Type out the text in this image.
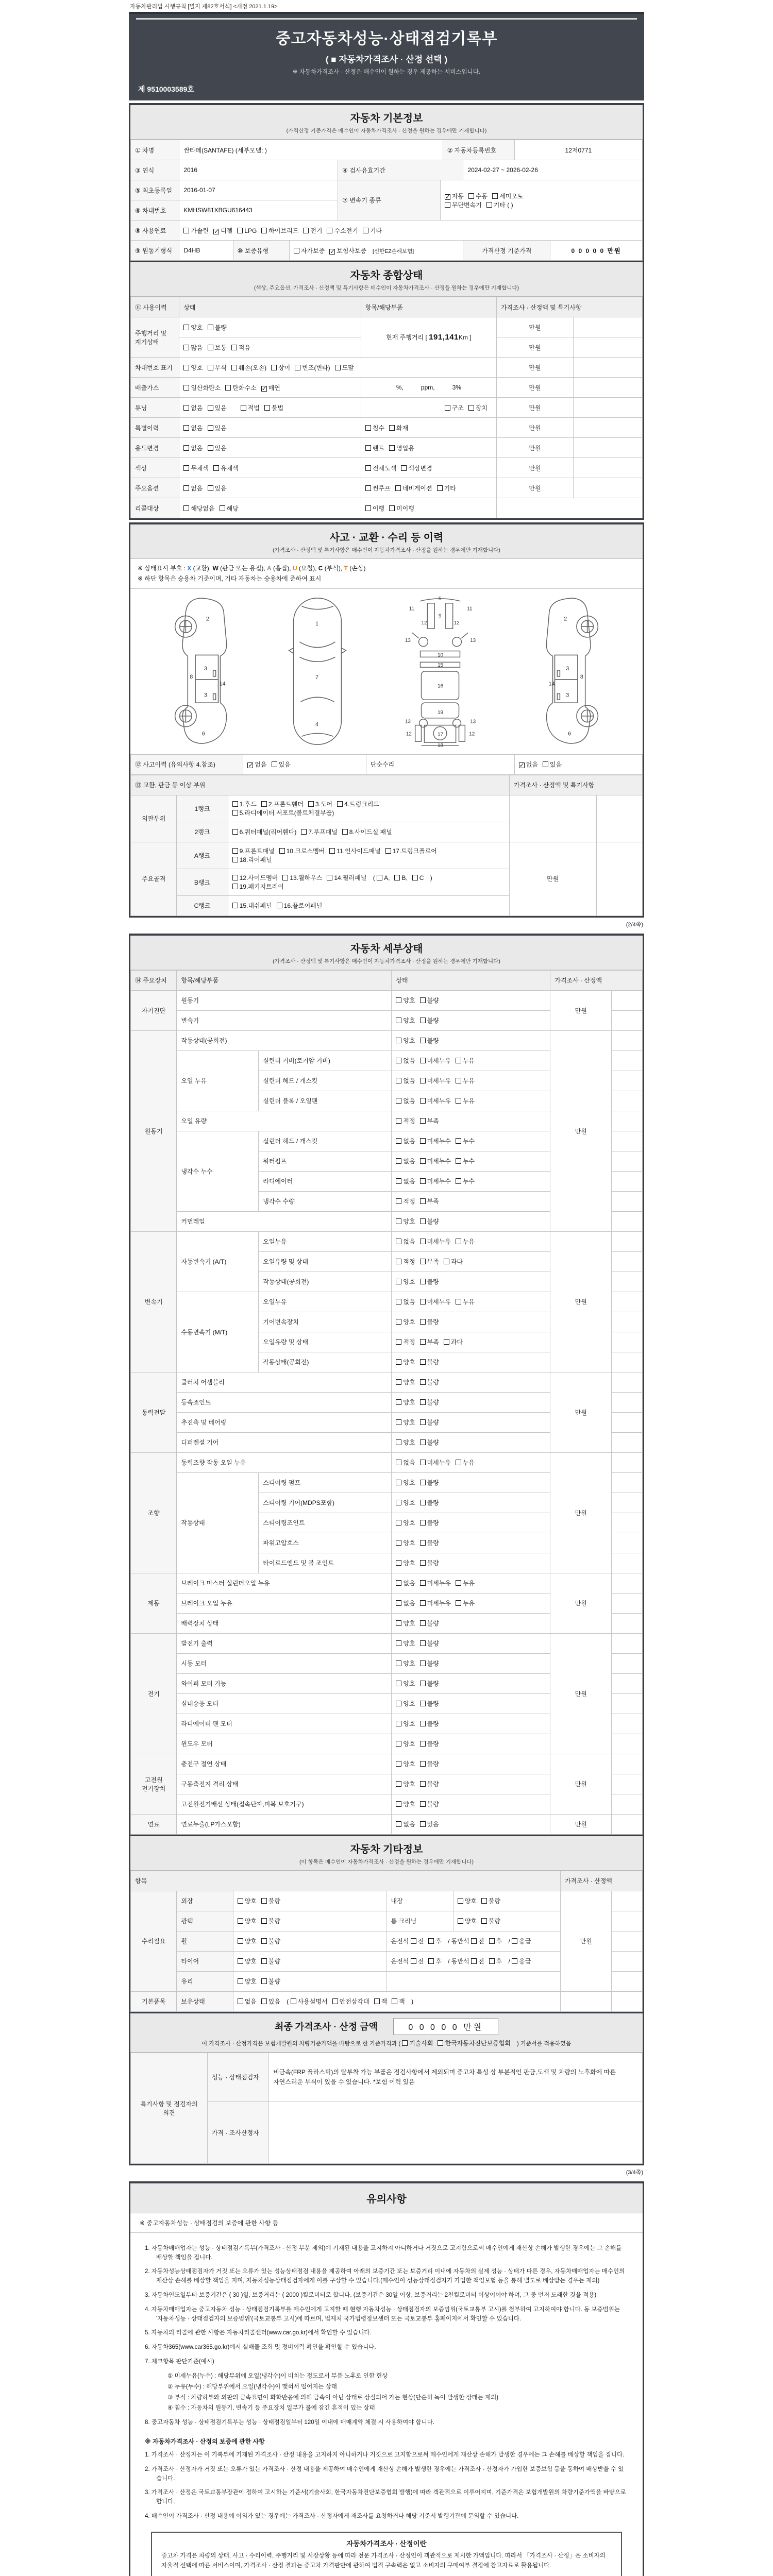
자동차관리법 시행규칙 [별지 제82호서식] <개정 2021.1.19>
중고자동차성능·상태점검기록부
( ■ 자동차가격조사 · 산정 선택 )
※ 자동차가격조사 · 산정은 매수인이 원하는 경우 제공하는 서비스입니다.
제 9510003589호
자동차 기본정보
(가격산정 기준가격은 매수인이 자동차가격조사 · 산정을 원하는 경우에만 기재합니다)
① 차명	싼타페(SANTAFE) (세부모델: )	② 자동차등록번호	12저0771
③ 연식	2016	④ 검사유효기간	2024-02-27 ~ 2026-02-26
⑤ 최초등록일	2016-01-07	⑦ 변속기 종류	✓ 자동 수동 세미오토
무단변속기 기타 ( )
⑥ 차대번호	KMHSW81XBGU616443		
⑧ 사용연료	가솔린 ✓ 디젤 LPG 하이브리드 전기 수소전기 기타
⑨ 원동기형식	D4HB	⑩ 보증유형	자가보증 ✓ 보험사보증 [신한EZ손해보험]	가격산정 기준가격	0 0 0 0 0 만원
자동차 종합상태
(색상, 주요옵션, 가격조사 · 산정액 및 특기사항은 매수인이 자동차가격조사 · 산정을 원하는 경우에만 기재합니다)
⑪ 사용이력	상태	항목/해당부품	가격조사 · 산정액 및 특기사항	
주행거리 및 계기상태	양호 불량	현재 주행거리 [ 191,141Km ]	만원	
	많음 보통 적음		만원	
차대번호 표기	양호 부식 훼손(오손) 상이 변조(변타) 도말		만원	
배출가스	일산화탄소 탄화수소 ✓ 매연	%, ppm, 3%	만원	
튜닝	없음 있음 적법 불법	구조 장치	만원	
특별이력	없음 있음	침수 화재	만원	
용도변경	없음 있음	렌트 영업용	만원	
색상	무채색 유채색	전체도색 색상변경	만원	
주요옵션	없음 있음	썬루프 네비게이션 기타	만원	
리콜대상	해당없음 해당	이행 미이행		
사고 · 교환 · 수리 등 이력
(가격조사 · 산정액 및 특기사항은 매수인이 자동차가격조사 · 산정을 원하는 경우에만 기재합니다)
※ 상태표시 부호 : X (교환), W (판금 또는 용접), A (흠집), U (요철), C (부식), T (손상)
※ 하단 항목은 승용차 기준이며, 기타 자동차는 승용차에 준하여 표시
2
8
3
14
3
6
1
7
4
5
9
11	11
13	13
12	12
10
15
16
19
13	13
17
12	12
18
2
8
3
14
3
6
⑫ 사고이력 (유의사항 4.참조)	✓ 없음 있음	단순수리	✓ 없음 있음
⑬ 교환, 판금 등 이상 부위			가격조사 · 산정액 및 특기사항	
외판부위	1랭크	1.후드 2.프론트휀더 3.도어 4.트렁크리드
5.라디에이터 서포트(볼트체결부품)		
	2랭크	6.쿼터패널(리어휀다) 7.루프패널 8.사이드실 패널		
주요골격	A랭크	9.프론트패널 10.크로스멤버 11.인사이드패널 17.트렁크플로어
18.리어패널	만원	
	B랭크	12.사이드멤버 13.휠하우스 14.필러패널 ( A, B, C )
19.패키지트레이		
	C랭크	15.대쉬패널 16.플로어패널		
(2/4쪽)
자동차 세부상태
(가격조사 · 산정액 및 특기사항은 매수인이 자동차가격조사 · 산정을 원하는 경우에만 기재합니다)
⑭ 주요장치	항목/해당부품		상태	가격조사 · 산정액	
자기진단	원동기		양호 불량	만원	
	변속기		양호 불량		
원동기	작동상태(공회전)		양호 불량	만원	
	오일 누유	실린더 커버(로커암 커버)	없음 미세누유 누유		
		실린더 헤드 / 개스킷	없음 미세누유 누유		
		실린더 블록 / 오일팬	없음 미세누유 누유		
	오일 유량		적정 부족		
	냉각수 누수	실린더 헤드 / 개스킷	없음 미세누수 누수		
		워터펌프	없음 미세누수 누수		
		라디에이터	없음 미세누수 누수		
		냉각수 수량	적정 부족		
	커먼레일		양호 불량		
변속기	자동변속기 (A/T)	오일누유	없음 미세누유 누유	만원	
		오일유량 및 상태	적정 부족 과다		
		작동상태(공회전)	양호 불량		
	수동변속기 (M/T)	오일누유	없음 미세누유 누유		
		기어변속장치	양호 불량		
		오일유량 및 상태	적정 부족 과다		
		작동상태(공회전)	양호 불량		
동력전달	클러치 어셈블리		양호 불량	만원	
	등속죠인트		양호 불량		
	추진축 및 베어링		양호 불량		
	디퍼렌셜 기어		양호 불량		
조향	동력조향 작동 오일 누유		없음 미세누유 누유	만원	
	작동상태	스티어링 펌프	양호 불량		
		스티어링 기어(MDPS포함)	양호 불량		
		스티어링조인트	양호 불량		
		파워고압호스	양호 불량		
		타이로드엔드 및 볼 조인트	양호 불량		
제동	브레이크 마스터 실린더오일 누유		없음 미세누유 누유	만원	
	브레이크 오일 누유		없음 미세누유 누유		
	배력장치 상태		양호 불량		
전기	발전기 출력		양호 불량	만원	
	시동 모터		양호 불량		
	와이퍼 모터 기능		양호 불량		
	실내송풍 모터		양호 불량		
	라디에이터 팬 모터		양호 불량		
	윈도우 모터		양호 불량		
고전원 전기장치	충전구 절연 상태		양호 불량	만원	
	구동축전지 격리 상태		양호 불량		
	고전원전기배선 상태(접속단자,피복,보호기구)		양호 불량		
연료	연료누출(LP가스포함)		없음 있음	만원	
자동차 기타정보
(이 항목은 매수인이 자동차가격조사 · 산정을 원하는 경우에만 기재합니다)
항목					가격조사 · 산정액	
수리필요	외장	양호 불량	내장	양호 불량	만원	
	광택	양호 불량	룸 크리닝	양호 불량		
	휠	양호 불량	운전석 전 후 / 동반석 전 후 / 응급			
	타이어	양호 불량	운전석 전 후 / 동반석 전 후 / 응급			
	유리	양호 불량				
기본품목	보유상태	없음 있음 ( 사용설명서 안전삼각대 잭 잭 )				
최종 가격조사 · 산정 금액	0 0 0 0 0 만원
이 가격조사 · 산정가격은 보험개발원의 차량기준가액을 바탕으로 한 기준가격과 ( 기술사회 한국자동차진단보증협회 ) 기준서를 적용하였음
특기사항 및 점검자의 의견	성능 · 상태점검자	비금속(FRP 플라스틱)의 탈부착 가능 부품은 점검사항에서 제외되며 중고차 특성 상 부분적인 판금,도색 및 차량의 노후화에 따른 자연스러운 부식이 있을 수 있습니다. *보험 이력 있음
	가격 · 조사산정자	
(3/4쪽)
유의사항
※ 중고자동차성능 · 상태점검의 보증에 관한 사항 등
1. 자동차매매업자는 성능 · 상태점검기록부(가격조사 · 산정 부분 제외)에 기재된 내용을 고지하지 아니하거나 거짓으로 고지함으로써 매수인에게 재산상 손해가 발생한 경우에는 그 손해를 배상할 책임을 집니다.
2. 자동차성능상태점검자가 거짓 또는 오류가 있는 성능상태점검 내용을 제공하여 아래의 보증기간 또는 보증거리 이내에 자동차의 실제 성능 · 상태가 다른 경우, 자동차매매업자는 매수인의 재산상 손해를 배상할 책임을 지며, 자동차성능상태점검자에게 이를 구상할 수 있습니다.(매수인이 성능상태점검자가 가입한 책임보험 등을 통해 별도로 배상받는 경우는 제외)
3. 자동차인도일부터 보증기간은 ( 30 )일, 보증거리는 ( 2000 )킬로미터로 합니다. (보증기간은 30일 이상, 보증거리는 2천킬로미터 이상이어야 하며, 그 중 먼저 도래한 것을 적용)
4. 자동차매매업자는 중고자동차 성능 · 상태점검기록부를 매수인에게 고지할 때 현행 자동차성능 · 상태점검자의 보증범위(국토교통부 고시)를 첨부하여 고지하여야 합니다. 동 보증범위는 '자동차성능 · 상태점검자의 보증범위'(국토교통부 고시)에 따르며, 법제처 국가법령정보센터 또는 국토교통부 홈페이지에서 확인할 수 있습니다.
5. 자동차의 리콜에 관한 사항은 자동차리콜센터(www.car.go.kr)에서 확인할 수 있습니다.
6. 자동차365(www.car365.go.kr)에서 실매물 조회 및 정비이력 확인을 확인할 수 있습니다.
7. 체크항목 판단기준(예시)
① 미세누유(누수) : 해당부위에 오일(냉각수)이 비치는 정도로서 부품 노후로 인한 현상
② 누유(누수) : 해당부위에서 오일(냉각수)이 맺혀서 떨어지는 상태
③ 부식 : 차량하부와 외판의 금속표면이 화학반응에 의해 금속이 아닌 상태로 상실되어 가는 현상(단순히 녹이 발생한 상태는 제외)
④ 침수 : 자동차의 원동기, 변속기 등 주요장치 일부가 물에 잠긴 흔적이 있는 상태
8. 중고자동차 성능 · 상태점검기록부는 성능 · 상태점검일부터 120일 이내에 매매계약 체결 시 사용하여야 합니다.
※ 자동차가격조사 · 산정의 보증에 관한 사항
1. 가격조사 · 산정자는 이 기록부에 기재된 가격조사 · 산정 내용을 고지하지 아니하거나 거짓으로 고지함으로써 매수인에게 재산상 손해가 발생한 경우에는 그 손해를 배상할 책임을 집니다.
2. 가격조사 · 산정자가 거짓 또는 오류가 있는 가격조사 · 산정 내용을 제공하여 매수인에게 재산상 손해가 발생한 경우에는 가격조사 · 산정자가 가입한 보증보험 등을 통하여 배상받을 수 있습니다.
3. 가격조사 · 산정은 국토교통부장관이 정하여 고시하는 기준서(기술사회, 한국자동차진단보증협회 발행)에 따라 객관적으로 이루어지며, 기준가격은 보험개발원의 차량기준가액을 바탕으로 합니다.
4. 매수인이 가격조사 · 산정 내용에 이의가 있는 경우에는 가격조사 · 산정자에게 재조사를 요청하거나 해당 기준서 발행기관에 문의할 수 있습니다.
자동차가격조사 · 산정이란
중고차 가격은 차량의 상태, 사고 · 수리이력, 주행거리 및 시장상황 등에 따라 전문 가격조사 · 산정인이 객관적으로 제시한 가액입니다. 따라서 「가격조사 · 산정」은 소비자의 자율적 선택에 따른 서비스이며, 가격조사 · 산정 결과는 중고차 가격판단에 관하여 법적 구속력은 없고 소비자의 구매여부 결정에 참고자료로 활용됩니다.
